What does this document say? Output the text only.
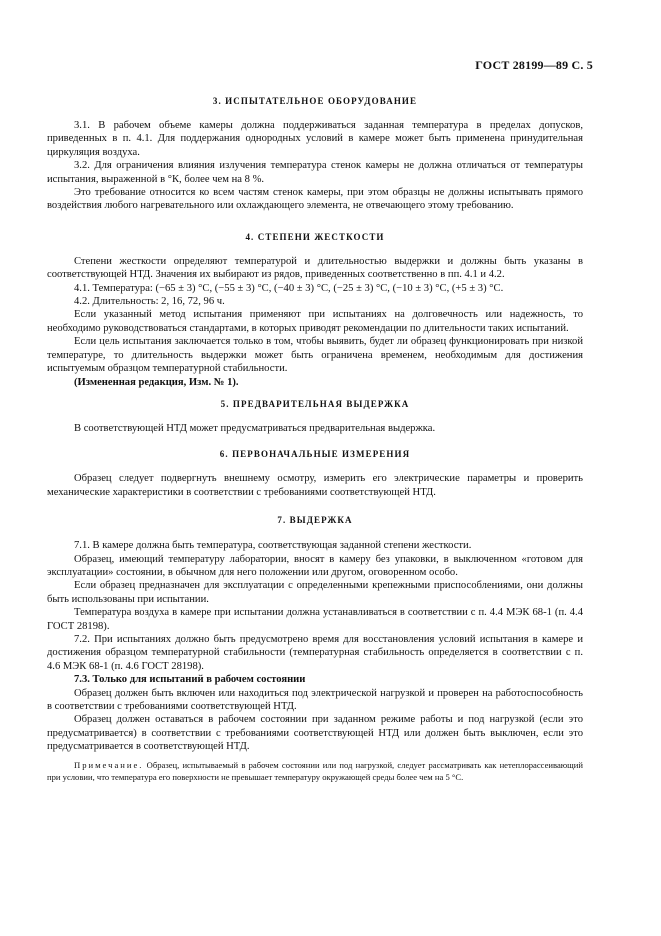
ГОСТ 28199—89 С. 5
3. ИСПЫТАТЕЛЬНОЕ ОБОРУДОВАНИЕ

3.1. В рабочем объеме камеры должна поддерживаться заданная температура в пределах допусков, приведенных в п. 4.1. Для поддержания однородных условий в камере может быть применена принудительная циркуляция воздуха.

3.2. Для ограничения влияния излучения температура стенок камеры не должна отличаться от температуры испытания, выраженной в °К, более чем на 8 %.

Это требование относится ко всем частям стенок камеры, при этом образцы не должны испытывать прямого воздействия любого нагревательного или охлаждающего элемента, не отвечающего этому требованию.

4. СТЕПЕНИ ЖЕСТКОСТИ

Степени жесткости определяют температурой и длительностью выдержки и должны быть указаны в соответствующей НТД. Значения их выбирают из рядов, приведенных соответственно в пп. 4.1 и 4.2.

4.1. Температура: (−65 ± 3) °С, (−55 ± 3) °С, (−40 ± 3) °С, (−25 ± 3) °С, (−10 ± 3) °С, (+5 ± 3) °С.

4.2. Длительность: 2, 16, 72, 96 ч.

Если указанный метод испытания применяют при испытаниях на долговечность или надежность, то необходимо руководствоваться стандартами, в которых приводят рекомендации по длительности таких испытаний.

Если цель испытания заключается только в том, чтобы выявить, будет ли образец функционировать при низкой температуре, то длительность выдержки может быть ограничена временем, необходимым для достижения испытуемым образцом температурной стабильности.

(Измененная редакция, Изм. № 1).

5. ПРЕДВАРИТЕЛЬНАЯ ВЫДЕРЖКА

В соответствующей НТД может предусматриваться предварительная выдержка.

6. ПЕРВОНАЧАЛЬНЫЕ ИЗМЕРЕНИЯ

Образец следует подвергнуть внешнему осмотру, измерить его электрические параметры и проверить механические характеристики в соответствии с требованиями соответствующей НТД.

7. ВЫДЕРЖКА

7.1. В камере должна быть температура, соответствующая заданной степени жесткости.

Образец, имеющий температуру лаборатории, вносят в камеру без упаковки, в выключенном «готовом для эксплуатации» состоянии, в обычном для него положении или другом, оговоренном особо.

Если образец предназначен для эксплуатации с определенными крепежными приспособлениями, они должны быть использованы при испытании.

Температура воздуха в камере при испытании должна устанавливаться в соответствии с п. 4.4 МЭК 68-1 (п. 4.4 ГОСТ 28198).

7.2. При испытаниях должно быть предусмотрено время для восстановления условий испытания в камере и достижения образцом температурной стабильности (температурная стабильность определяется в соответствии с п. 4.6 МЭК 68-1 (п. 4.6 ГОСТ 28198).

7.3. Только для испытаний в рабочем состоянии

Образец должен быть включен или находиться под электрической нагрузкой и проверен на работоспособность в соответствии с требованиями соответствующей НТД.

Образец должен оставаться в рабочем состоянии при заданном режиме работы и под нагрузкой (если это предусматривается) в соответствии с требованиями соответствующей НТД или должен быть выключен, если это предусматривается в соответствующей НТД.

Примечание. Образец, испытываемый в рабочем состоянии или под нагрузкой, следует рассматривать как нетеплорассеивающий при условии, что температура его поверхности не превышает температуру окружающей среды более чем на 5 °С.
